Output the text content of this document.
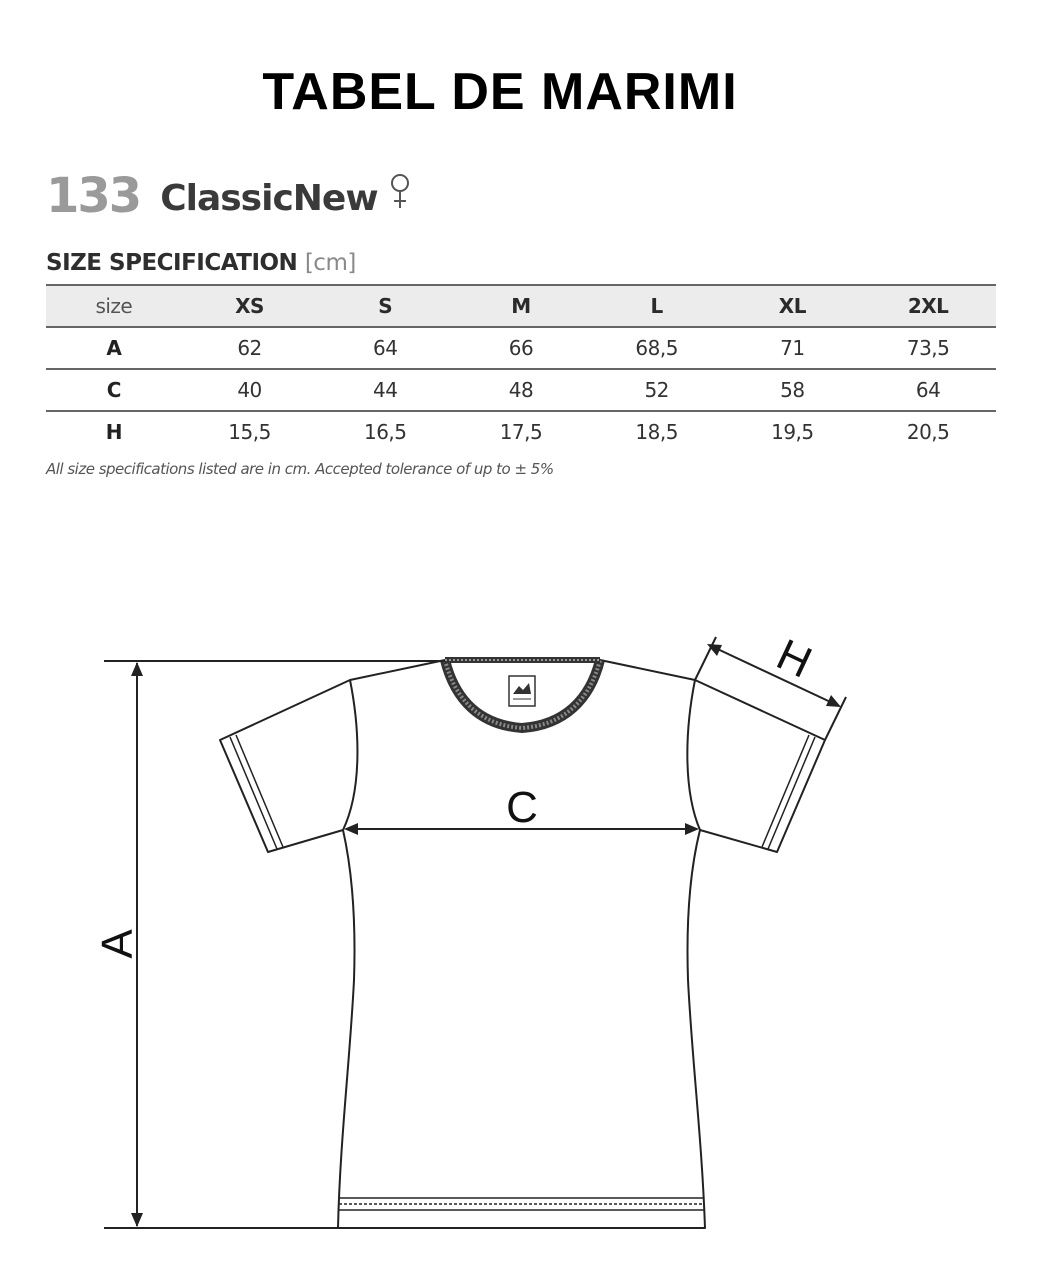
TABEL DE MARIMI
133 ClassicNew
SIZE SPECIFICATION [cm]
size	XS	S	M	L	XL	2XL
A	62	64	66	68,5	71	73,5
C	40	44	48	52	58	64
H	15,5	16,5	17,5	18,5	19,5	20,5
All size specifications listed are in cm. Accepted tolerance of up to ± 5%
A
C
H
